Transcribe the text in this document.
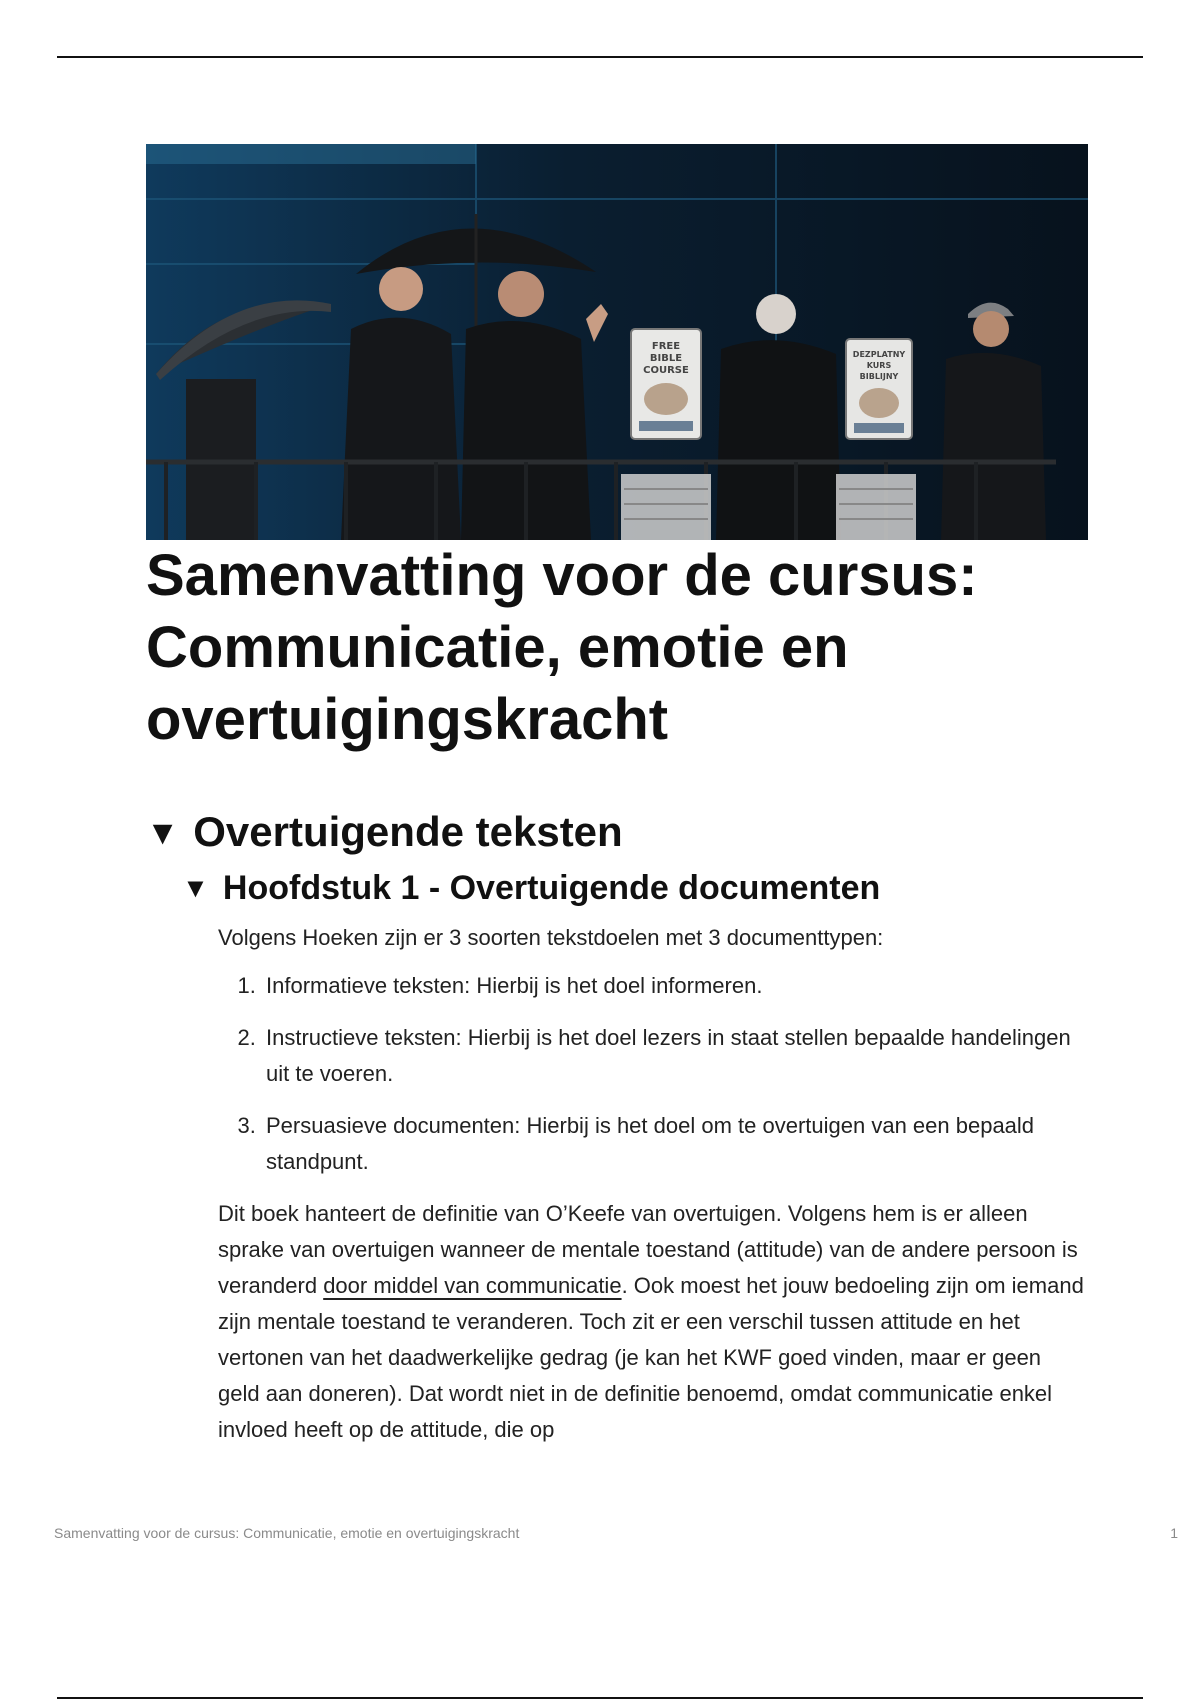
FREE
BIBLE
COURSE
DEZPLATNY
KURS
BIBLIJNY
Samenvatting voor de cursus: Communicatie, emotie en overtuigingskracht
▼ Overtuigende teksten
▼ Hoofdstuk 1 - Overtuigende documenten

Volgens Hoeken zijn er 3 soorten tekstdoelen met 3 documenttypen:

1. Informatieve teksten: Hierbij is het doel informeren.
2. Instructieve teksten: Hierbij is het doel lezers in staat stellen bepaalde handelingen uit te voeren.
3. Persuasieve documenten: Hierbij is het doel om te overtuigen van een bepaald standpunt.

Dit boek hanteert de definitie van O’Keefe van overtuigen. Volgens hem is er alleen sprake van overtuigen wanneer de mentale toestand (attitude) van de andere persoon is veranderd door middel van communicatie. Ook moest het jouw bedoeling zijn om iemand zijn mentale toestand te veranderen. Toch zit er een verschil tussen attitude en het vertonen van het daadwerkelijke gedrag (je kan het KWF goed vinden, maar er geen geld aan doneren). Dat wordt niet in de definitie benoemd, omdat communicatie enkel invloed heeft op de attitude, die op

Samenvatting voor de cursus: Communicatie, emotie en overtuigingskracht	1
